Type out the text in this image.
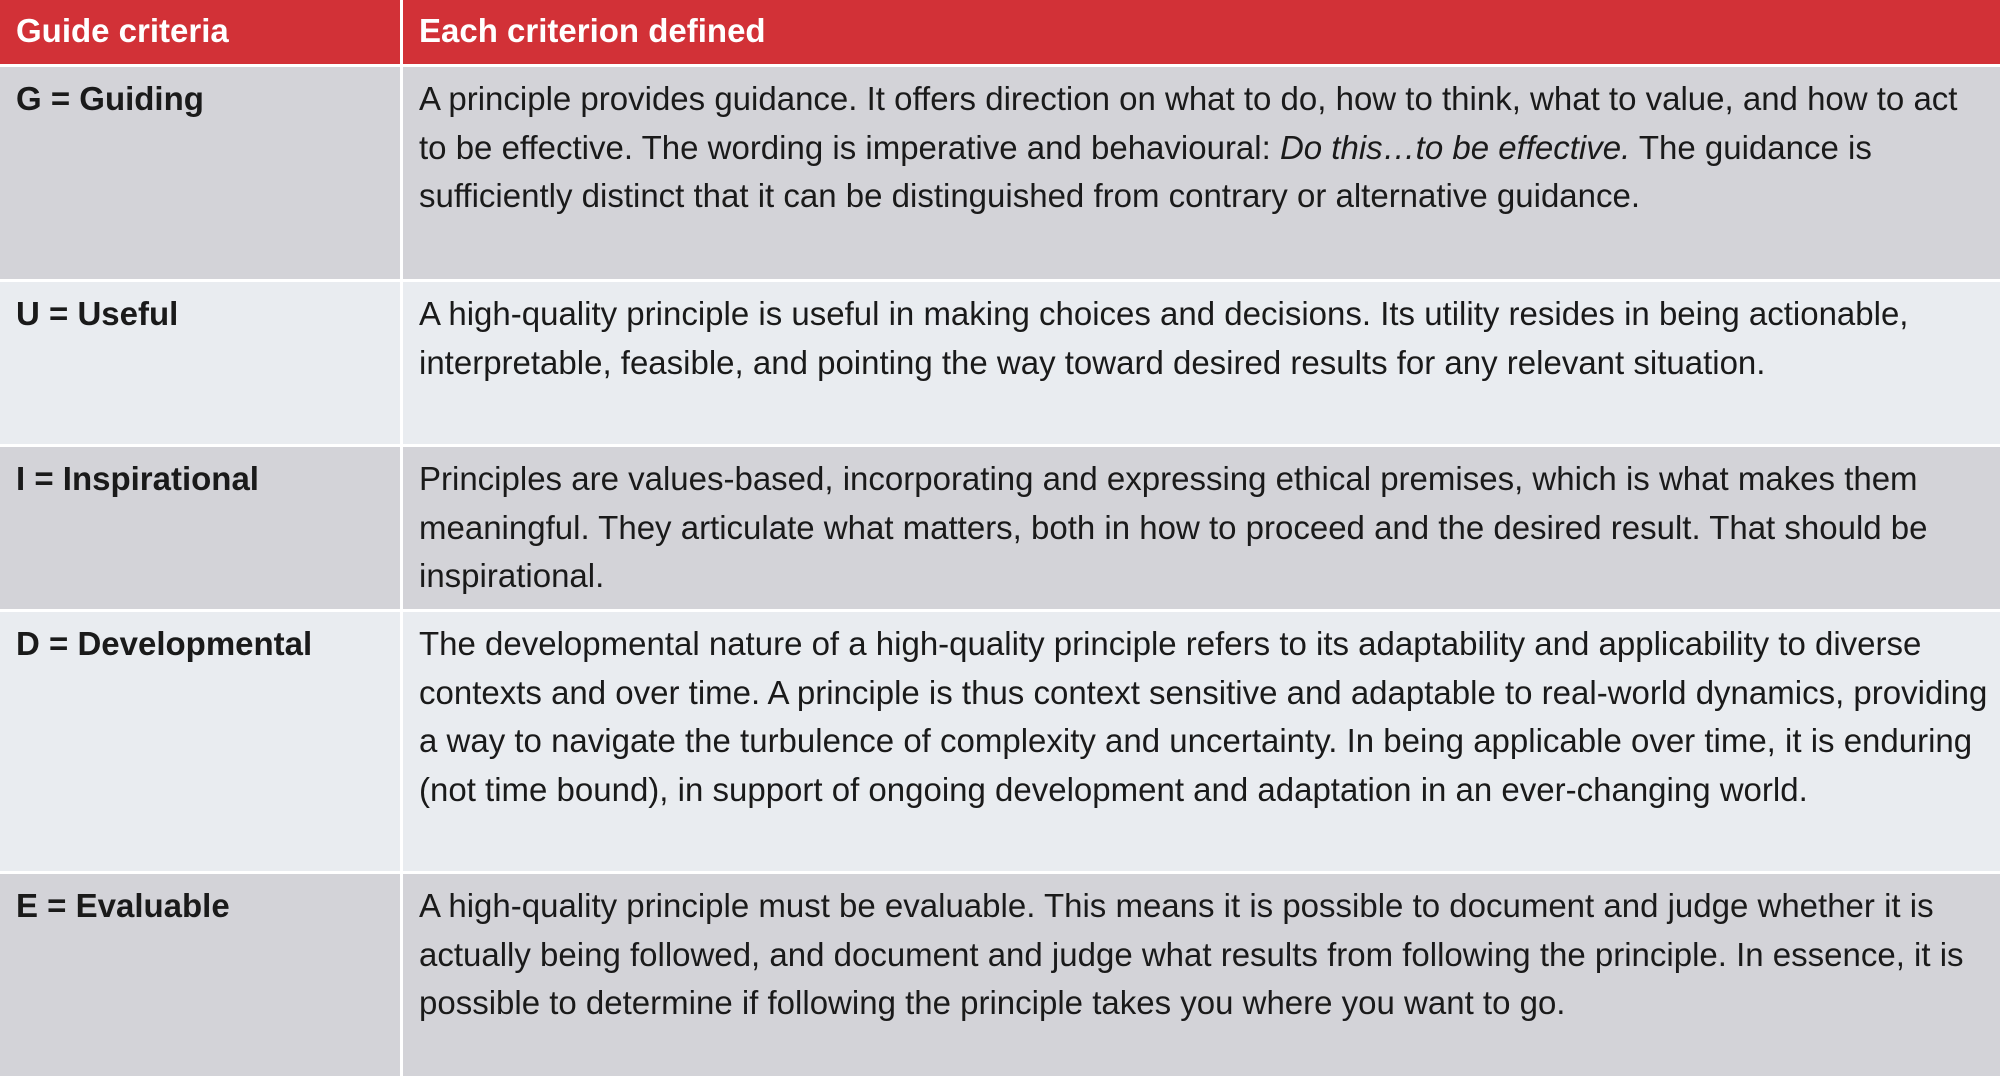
Guide criteria	Each criterion defined
G = Guiding	A principle provides guidance. It offers direction on what to do, how to think, what to value, and how to act to be effective. The wording is imperative and behavioural: Do this…to be effective. The guidance is sufficiently distinct that it can be distinguished from contrary or alternative guidance.
U = Useful	A high-quality principle is useful in making choices and decisions. Its utility resides in being actionable, interpretable, feasible, and pointing the way toward desired results for any relevant situation.
I = Inspirational	Principles are values-based, incorporating and expressing ethical premises, which is what makes them meaningful. They articulate what matters, both in how to proceed and the desired result. That should be inspirational.
D = Developmental	The developmental nature of a high-quality principle refers to its adaptability and applicability to diverse contexts and over time. A principle is thus context sensitive and adaptable to real-world dynamics, providing a way to navigate the turbulence of complexity and uncertainty. In being applicable over time, it is enduring (not time bound), in support of ongoing development and adaptation in an ever-changing world.
E = Evaluable	A high-quality principle must be evaluable. This means it is possible to document and judge whether it is actually being followed, and document and judge what results from following the principle. In essence, it is possible to determine if following the principle takes you where you want to go.
